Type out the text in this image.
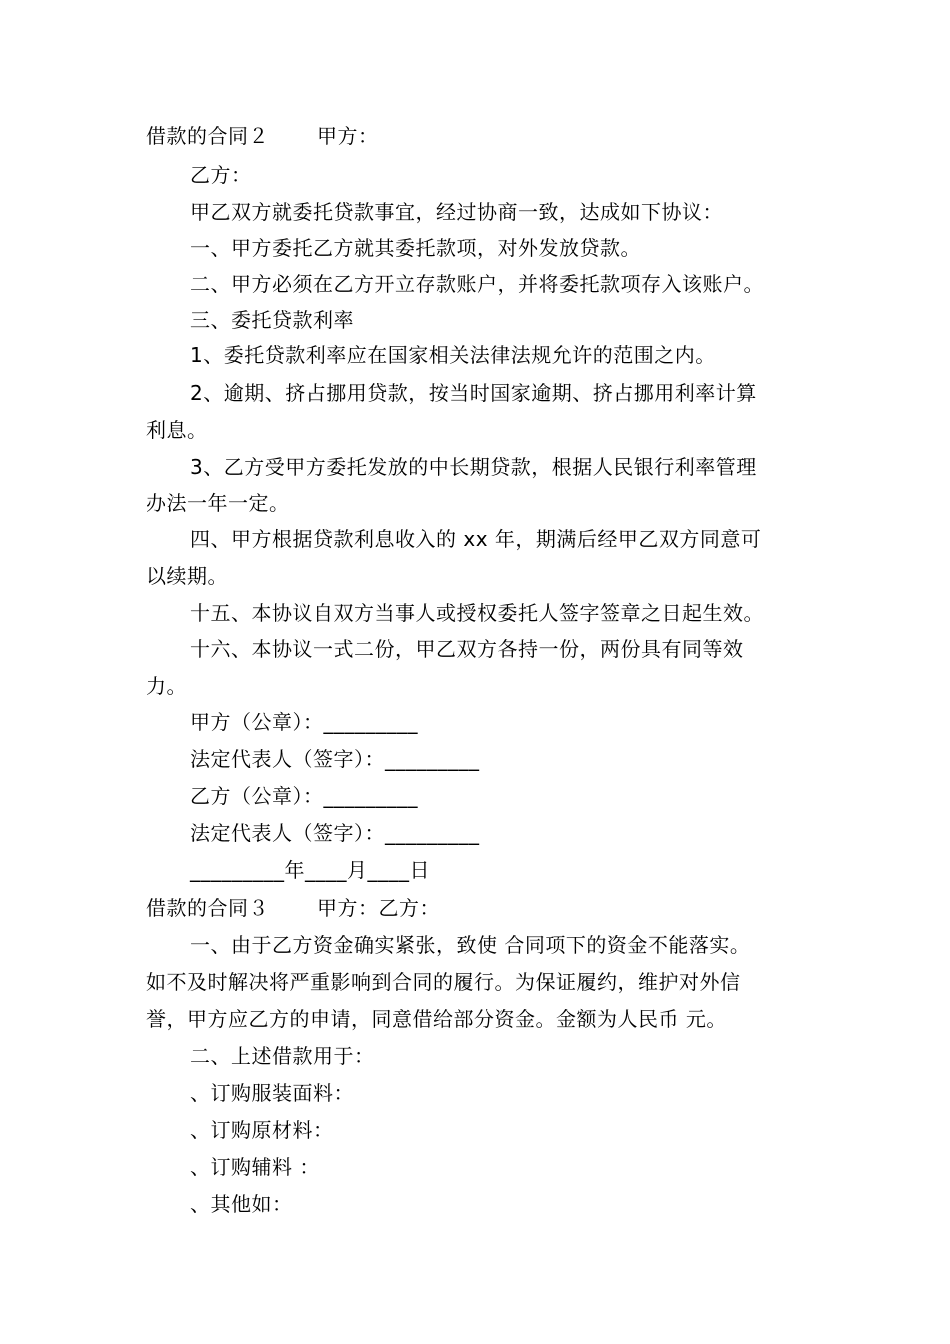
借款的合同２ 甲方：
乙方：
甲乙双方就委托贷款事宜，经过协商一致，达成如下协议：
一、甲方委托乙方就其委托款项，对外发放贷款。
二、甲方必须在乙方开立存款账户，并将委托款项存入该账户。
三、委托贷款利率
1、委托贷款利率应在国家相关法律法规允许的范围之内。
2、逾期、挤占挪用贷款，按当时国家逾期、挤占挪用利率计算
利息。
3、乙方受甲方委托发放的中长期贷款，根据人民银行利率管理
办法一年一定。
四、甲方根据贷款利息收入的 xx 年，期满后经甲乙双方同意可
以续期。
十五、本协议自双方当事人或授权委托人签字签章之日起生效。
十六、本协议一式二份，甲乙双方各持一份，两份具有同等效
力。
甲方（公章）：_________
法定代表人（签字）：_________
乙方（公章）：_________
法定代表人（签字）：_________
_________年____月____日
借款的合同３ 甲方：乙方：
一、由于乙方资金确实紧张，致使 合同项下的资金不能落实。
如不及时解决将严重影响到合同的履行。为保证履约，维护对外信
誉，甲方应乙方的申请，同意借给部分资金。金额为人民币 元。
二、上述借款用于：
、订购服装面料：
、订购原材料：
、订购辅料 ：
、其他如：
